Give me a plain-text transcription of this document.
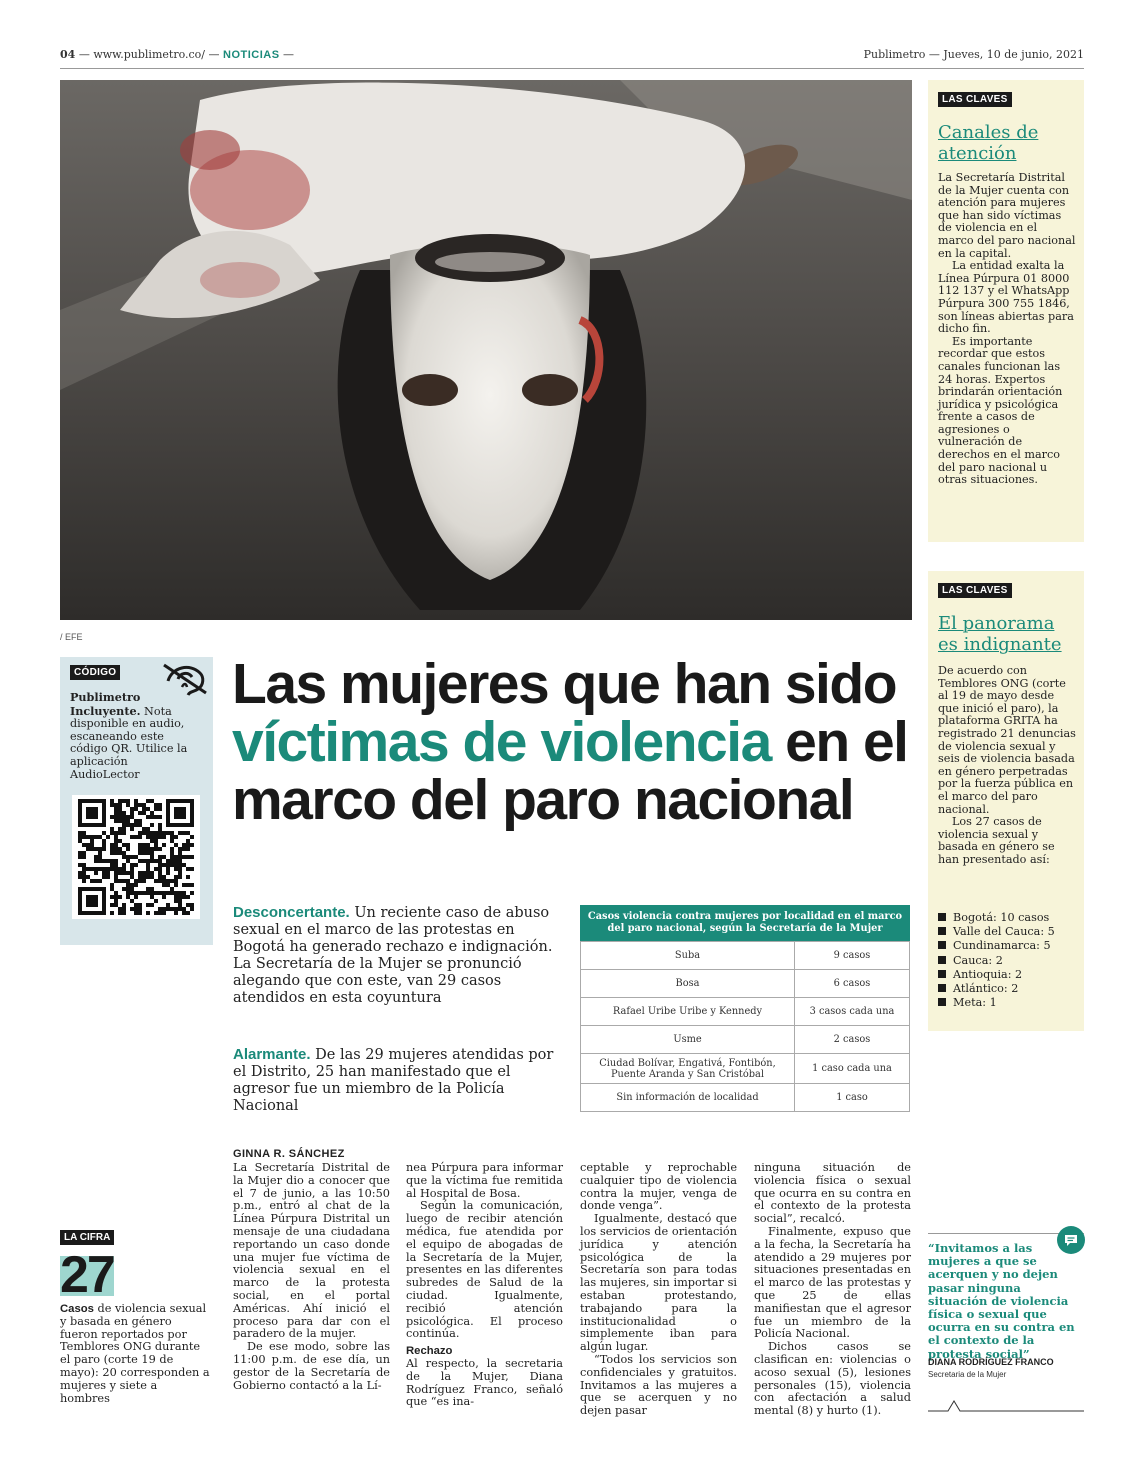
04 — www.publimetro.co/ — NOTICIAS —	Publimetro — Jueves, 10 de junio, 2021
/ EFE
LAS CLAVES
Canales de atención

La Secretaría Distrital de la Mujer cuenta con atención para mujeres que han sido víctimas de violencia en el marco del paro nacional en la capital.

La entidad exalta la Línea Púrpura 01 8000 112 137 y el WhatsApp Púrpura 300 755 1846, son líneas abiertas para dicho fin.

Es importante recordar que estos canales funcionan las 24 horas. Expertos brindarán orientación jurídica y psicológica frente a casos de agresiones o vulneración de derechos en el marco del paro nacional u otras situaciones.

LAS CLAVES
El panorama es indignante

De acuerdo con Temblores ONG (corte al 19 de mayo desde que inició el paro), la plataforma GRITA ha registrado 21 denuncias de violencia sexual y seis de violencia basada en género perpetradas por la fuerza pública en el marco del paro nacional.

Los 27 casos de violencia sexual y basada en género se han presentado así:

Bogotá: 10 casos
Valle del Cauca: 5
Cundinamarca: 5
Cauca: 2
Antioquia: 2
Atlántico: 2
Meta: 1
CÓDIGO
Publimetro Incluyente. Nota disponible en audio, escaneando este código QR. Utilice la aplicación AudioLector
Las mujeres que han sido víctimas de violencia en el marco del paro nacional
Desconcertante. Un reciente caso de abuso sexual en el marco de las protestas en Bogotá ha generado rechazo e indignación. La Secretaría de la Mujer se pronunció alegando que con este, van 29 casos atendidos en esta coyuntura
Alarmante. De las 29 mujeres atendidas por el Distrito, 25 han manifestado que el agresor fue un miembro de la Policía Nacional
Casos violencia contra mujeres por localidad en el marco del paro nacional, según la Secretaría de la Mujer
Suba	9 casos
Bosa	6 casos
Rafael Uribe Uribe y Kennedy	3 casos cada una
Usme	2 casos
Ciudad Bolívar, Engativá, Fontibón, Puente Aranda y San Cristóbal	1 caso cada una
Sin información de localidad	1 caso
GINNA R. SÁNCHEZ

La Secretaría Distrital de la Mujer dio a conocer que el 7 de junio, a las 10:50 p.m., entró al chat de la Línea Púrpura Distrital un mensaje de una ciudadana reportando un caso donde una mujer fue víctima de violencia sexual en el marco de la protesta social, en el portal Américas. Ahí inició el proceso para dar con el paradero de la mujer.

De ese modo, sobre las 11:00 p.m. de ese día, un gestor de la Secretaría de Gobierno contactó a la Lí-

nea Púrpura para informar que la víctima fue remitida al Hospital de Bosa.

Según la comunicación, luego de recibir atención médica, fue atendida por el equipo de abogadas de la Secretaría de la Mujer, presentes en las diferentes subredes de Salud de la ciudad. Igualmente, recibió atención psicológica. El proceso continúa.

Rechazo

Al respecto, la secretaria de la Mujer, Diana Rodríguez Franco, señaló que “es ina-

ceptable y reprochable cualquier tipo de violencia contra la mujer, venga de donde venga”.

Igualmente, destacó que los servicios de orientación jurídica y atención psicológica de la Secretaría son para todas las mujeres, sin importar si estaban protestando, trabajando para la institucionalidad o simplemente iban para algún lugar.

“Todos los servicios son confidenciales y gratuitos. Invitamos a las mujeres a que se acerquen y no dejen pasar

ninguna situación de violencia física o sexual que ocurra en su contra en el contexto de la protesta social”, recalcó.

Finalmente, expuso que a la fecha, la Secretaría ha atendido a 29 mujeres por situaciones presentadas en el marco de las protestas y que 25 de ellas manifiestan que el agresor fue un miembro de la Policía Nacional.

Dichos casos se clasifican en: violencias o acoso sexual (5), lesiones personales (15), violencia con afectación a salud mental (8) y hurto (1).

LA CIFRA
27
Casos de violencia sexual y basada en género fueron reportados por Temblores ONG durante el paro (corte 19 de mayo): 20 corresponden a mujeres y siete a hombres
“Invitamos a las mujeres a que se acerquen y no dejen pasar ninguna situación de violencia física o sexual que ocurra en su contra en el contexto de la protesta social”
DIANA RODRÍGUEZ FRANCO
Secretaria de la Mujer
